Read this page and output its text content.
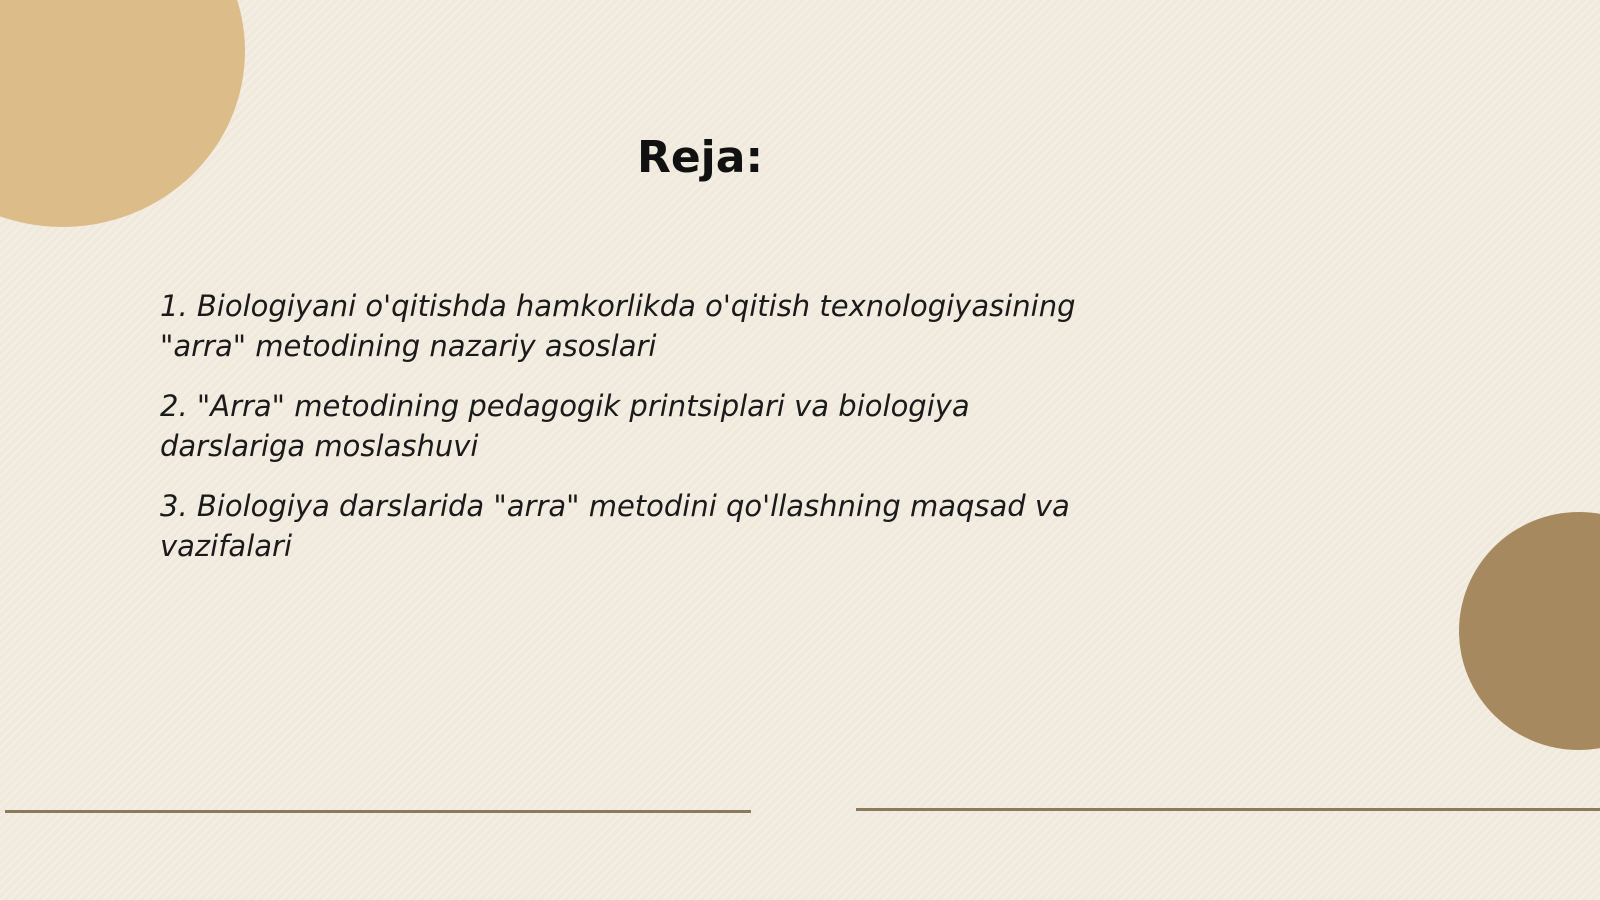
Reja:
1. Biologiyani o'qitishda hamkorlikda o'qitish texnologiyasining "arra" metodining nazariy asoslari
2. "Arra" metodining pedagogik printsiplari va biologiya darslariga moslashuvi
3. Biologiya darslarida "arra" metodini qo'llashning maqsad va vazifalari
